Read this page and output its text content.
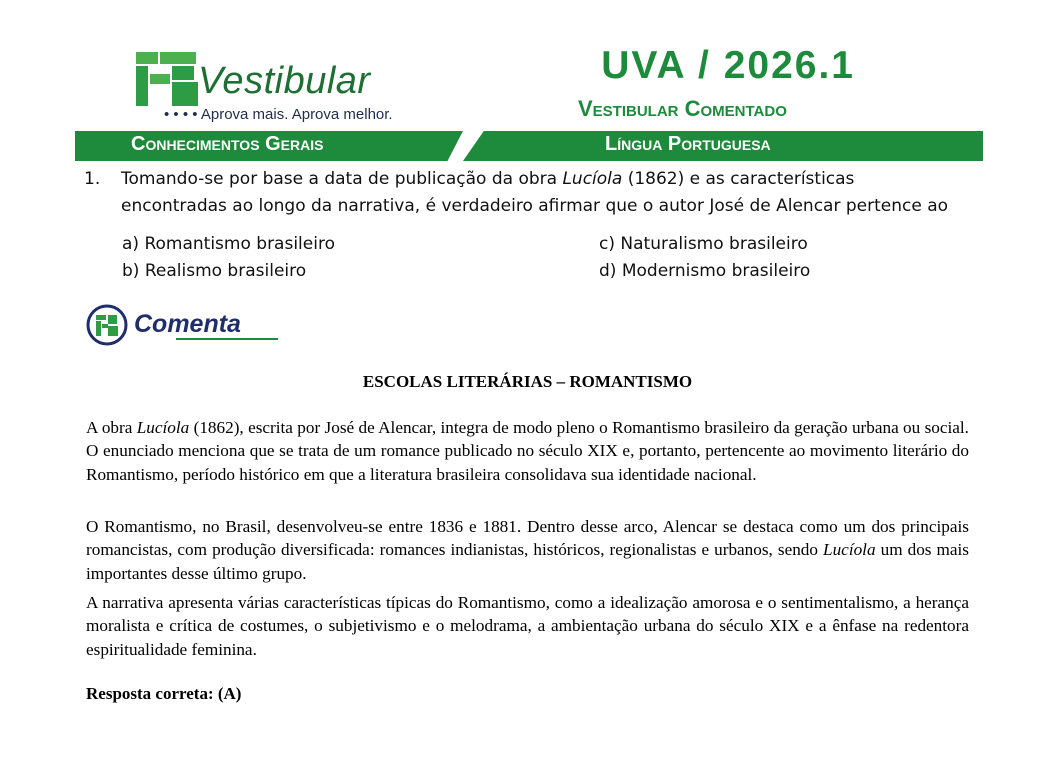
Vestibular
• • • • Aprova mais. Aprova melhor.
UVA / 2026.1
Vestibular Comentado
Conhecimentos Gerais	Língua Portuguesa
1. Tomando-se por base a data de publicação da obra Lucíola (1862) e as características
encontradas ao longo da narrativa, é verdadeiro afirmar que o autor José de Alencar pertence ao
a) Romantismo brasileiro
b) Realismo brasileiro
c) Naturalismo brasileiro
d) Modernismo brasileiro
Comenta
ESCOLAS LITERÁRIAS – ROMANTISMO
A obra Lucíola (1862), escrita por José de Alencar, integra de modo pleno o Romantismo brasileiro da geração urbana ou social. O enunciado menciona que se trata de um romance publicado no século XIX e, portanto, pertencente ao movimento literário do Romantismo, período histórico em que a literatura brasileira consolidava sua identidade nacional.
O Romantismo, no Brasil, desenvolveu-se entre 1836 e 1881. Dentro desse arco, Alencar se destaca como um dos principais romancistas, com produção diversificada: romances indianistas, históricos, regionalistas e urbanos, sendo Lucíola um dos mais importantes desse último grupo.
A narrativa apresenta várias características típicas do Romantismo, como a idealização amorosa e o sentimentalismo, a herança moralista e crítica de costumes, o subjetivismo e o melodrama, a ambientação urbana do século XIX e a ênfase na redentora espiritualidade feminina.
Resposta correta: (A)
